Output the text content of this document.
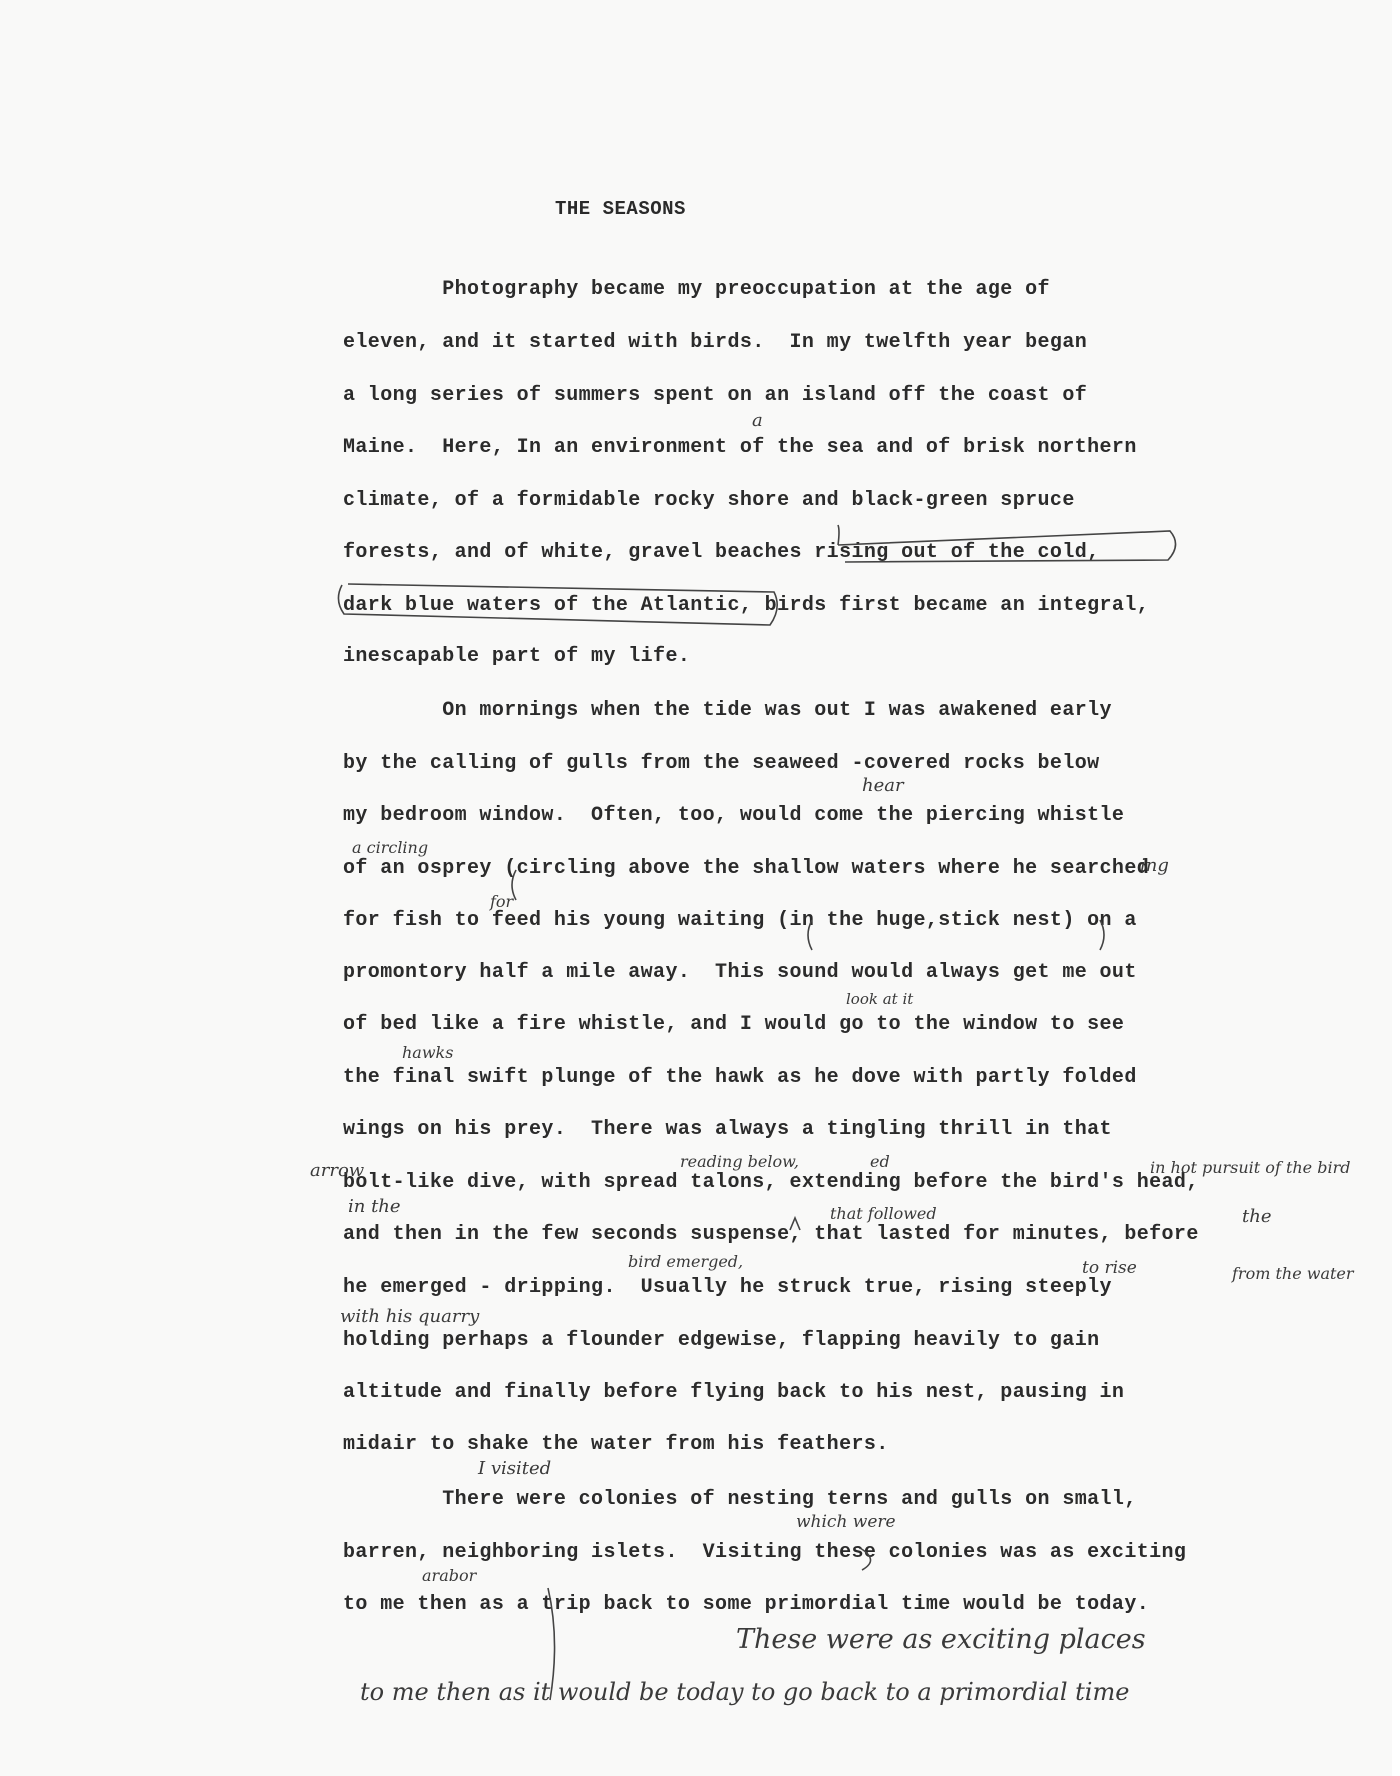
THE SEASONS
Photography became my preoccupation at the age of
eleven, and it started with birds.  In my twelfth year began
a long series of summers spent on an island off the coast of
Maine.  Here, In an environment of the sea and of brisk northern
climate, of a formidable rocky shore and black-green spruce
forests, and of white, gravel beaches rising out of the cold,
dark blue waters of the Atlantic, birds first became an integral,
inescapable part of my life.
On mornings when the tide was out I was awakened early
by the calling of gulls from the seaweed -covered rocks below
my bedroom window.  Often, too, would come the piercing whistle
of an osprey (circling above the shallow waters where he searched
for fish to feed his young waiting (in the huge,stick nest) on a
promontory half a mile away.  This sound would always get me out
of bed like a fire whistle, and I would go to the window to see
the final swift plunge of the hawk as he dove with partly folded
wings on his prey.  There was always a tingling thrill in that
bolt-like dive, with spread talons, extending before the bird's head,
and then in the few seconds suspense, that lasted for minutes, before
he emerged - dripping.  Usually he struck true, rising steeply
holding perhaps a flounder edgewise, flapping heavily to gain
altitude and finally before flying back to his nest, pausing in
midair to shake the water from his feathers.
There were colonies of nesting terns and gulls on small,
barren, neighboring islets.  Visiting these colonies was as exciting
to me then as a trip back to some primordial time would be today.
a
hear
a circling
ing
for
look at it
hawks
arrow
in the
reading below,	ed	in hot pursuit of the bird
that followed	the
bird emerged,	to rise	from the water
with his quarry
I visited
which were
arabor
These were as exciting places
to me then as it would be today to go back to a primordial time
